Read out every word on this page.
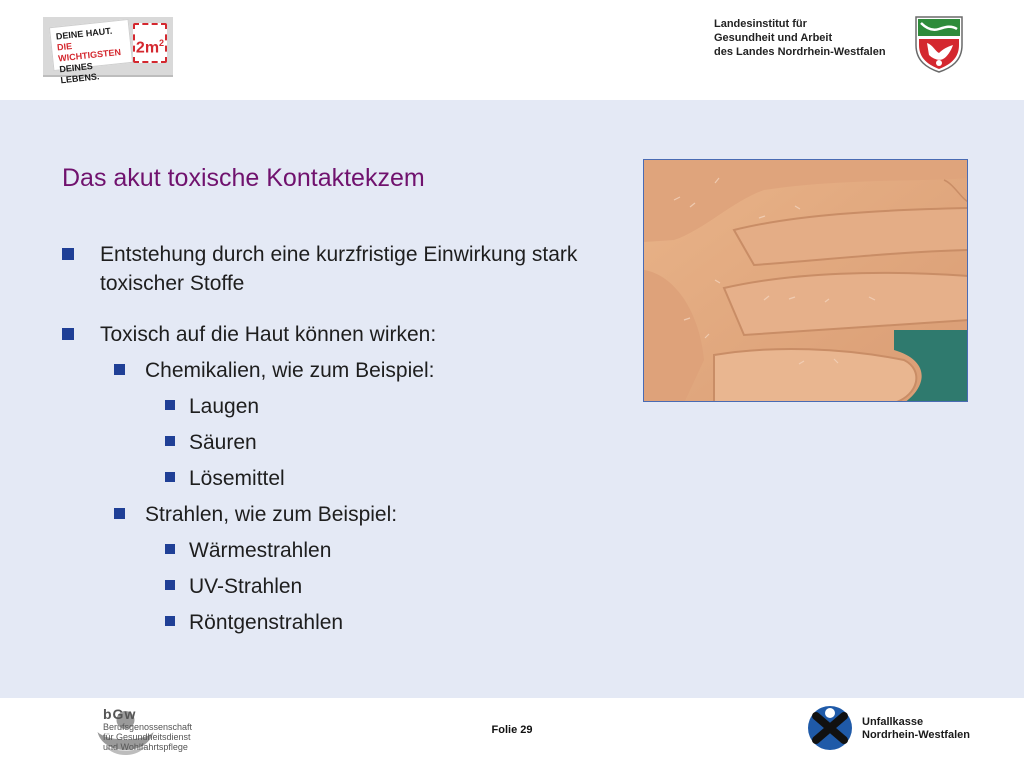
DEINE HAUT.
DIE WICHTIGSTEN
DEINES LEBENS.
$2m^2$
Landesinstitut für
Gesundheit und Arbeit
des Landes Nordrhein-Westfalen
Das akut toxische Kontaktekzem
Entstehung durch eine kurzfristige Einwirkung stark toxischer Stoffe
Toxisch auf die Haut können wirken:
Chemikalien, wie zum Beispiel:
Laugen
Säuren
Lösemittel
Strahlen, wie zum Beispiel:
Wärmestrahlen
UV-Strahlen
Röntgenstrahlen
bGw
Berufsgenossenschaft
für Gesundheitsdienst
und Wohlfahrtspflege
Folie 29
Unfallkasse
Nordrhein-Westfalen
